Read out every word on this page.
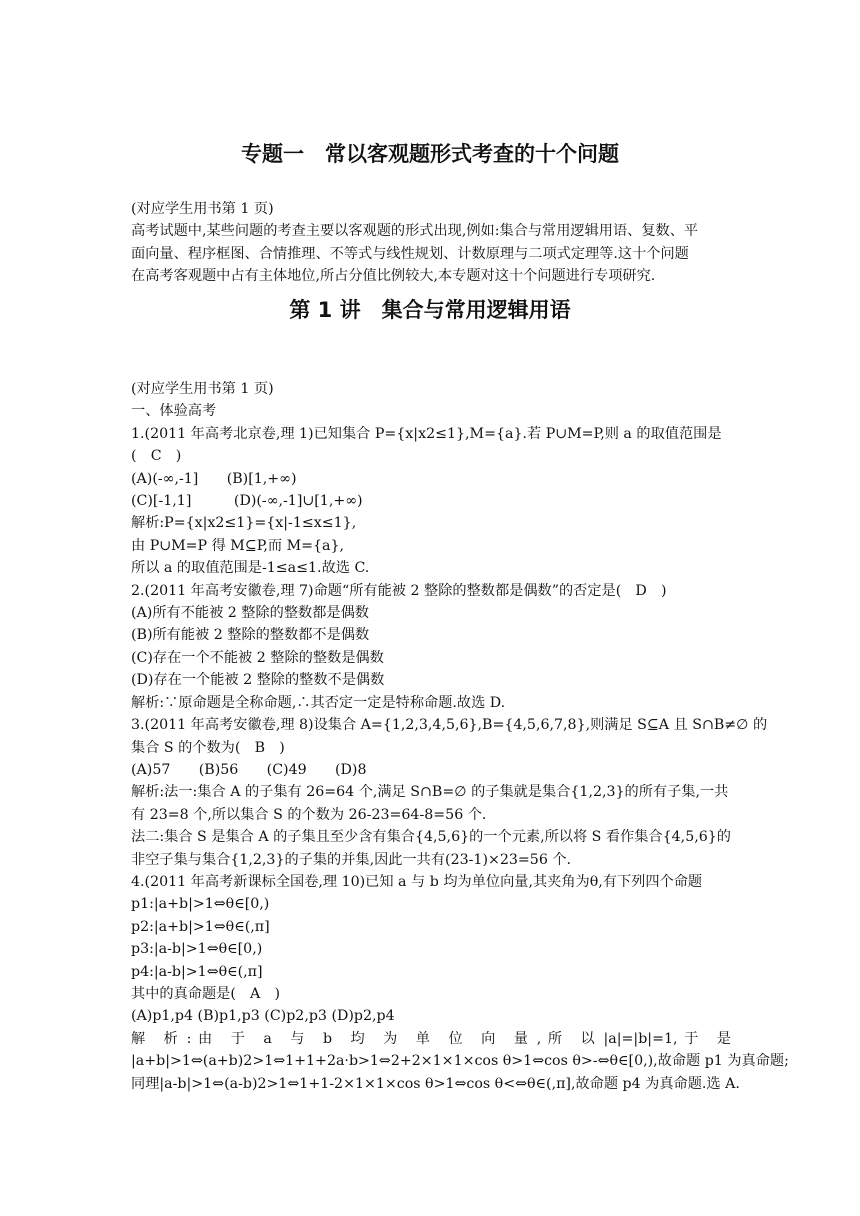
专题一　常以客观题形式考查的十个问题

(对应学生用书第 1 页)

高考试题中,某些问题的考查主要以客观题的形式出现,例如:集合与常用逻辑用语、复数、平

面向量、程序框图、合情推理、不等式与线性规划、计数原理与二项式定理等.这十个问题

在高考客观题中占有主体地位,所占分值比例较大,本专题对这十个问题进行专项研究.

第 1 讲　集合与常用逻辑用语

(对应学生用书第 1 页)

一、体验高考

1.(2011 年高考北京卷,理 1)已知集合 P={x|x2≤1},M={a}.若 P∪M=P,则 a 的取值范围是

(　C　)

(A)(-∞,-1]　　(B)[1,+∞)

(C)[-1,1]　　　(D)(-∞,-1]∪[1,+∞)

解析:P={x|x2≤1}={x|-1≤x≤1},

由 P∪M=P 得 M⊆P,而 M={a},

所以 a 的取值范围是-1≤a≤1.故选 C.

2.(2011 年高考安徽卷,理 7)命题“所有能被 2 整除的整数都是偶数”的否定是(　D　)

(A)所有不能被 2 整除的整数都是偶数

(B)所有能被 2 整除的整数都不是偶数

(C)存在一个不能被 2 整除的整数是偶数

(D)存在一个能被 2 整除的整数不是偶数

解析:∵原命题是全称命题,∴其否定一定是特称命题.故选 D.

3.(2011 年高考安徽卷,理 8)设集合 A={1,2,3,4,5,6},B={4,5,6,7,8},则满足 S⊆A 且 S∩B≠∅ 的

集合 S 的个数为(　B　)

(A)57　　(B)56　　(C)49　　(D)8

解析:法一:集合 A 的子集有 26=64 个,满足 S∩B=∅ 的子集就是集合{1,2,3}的所有子集,一共

有 23=8 个,所以集合 S 的个数为 26-23=64-8=56 个.

法二:集合 S 是集合 A 的子集且至少含有集合{4,5,6}的一个元素,所以将 S 看作集合{4,5,6}的

非空子集与集合{1,2,3}的子集的并集,因此一共有(23-1)×23=56 个.

4.(2011 年高考新课标全国卷,理 10)已知 a 与 b 均为单位向量,其夹角为θ,有下列四个命题

p1:|a+b|>1⇔θ∈[0,)

p2:|a+b|>1⇔θ∈(,π]

p3:|a-b|>1⇔θ∈[0,)

p4:|a-b|>1⇔θ∈(,π]

其中的真命题是(　A　)

(A)p1,p4 (B)p1,p3 (C)p2,p3 (D)p2,p4

解　析 : 由　于　a　与　b　均　为　单　位　向　量 , 所　以 |a|=|b|=1, 于　是

|a+b|>1⇔(a+b)2>1⇔1+1+2a·b>1⇔2+2×1×1×cos θ>1⇔cos θ>-⇔θ∈[0,),故命题 p1 为真命题;

同理|a-b|>1⇔(a-b)2>1⇔1+1-2×1×1×cos θ>1⇔cos θ<⇔θ∈(,π],故命题 p4 为真命题.选 A.
